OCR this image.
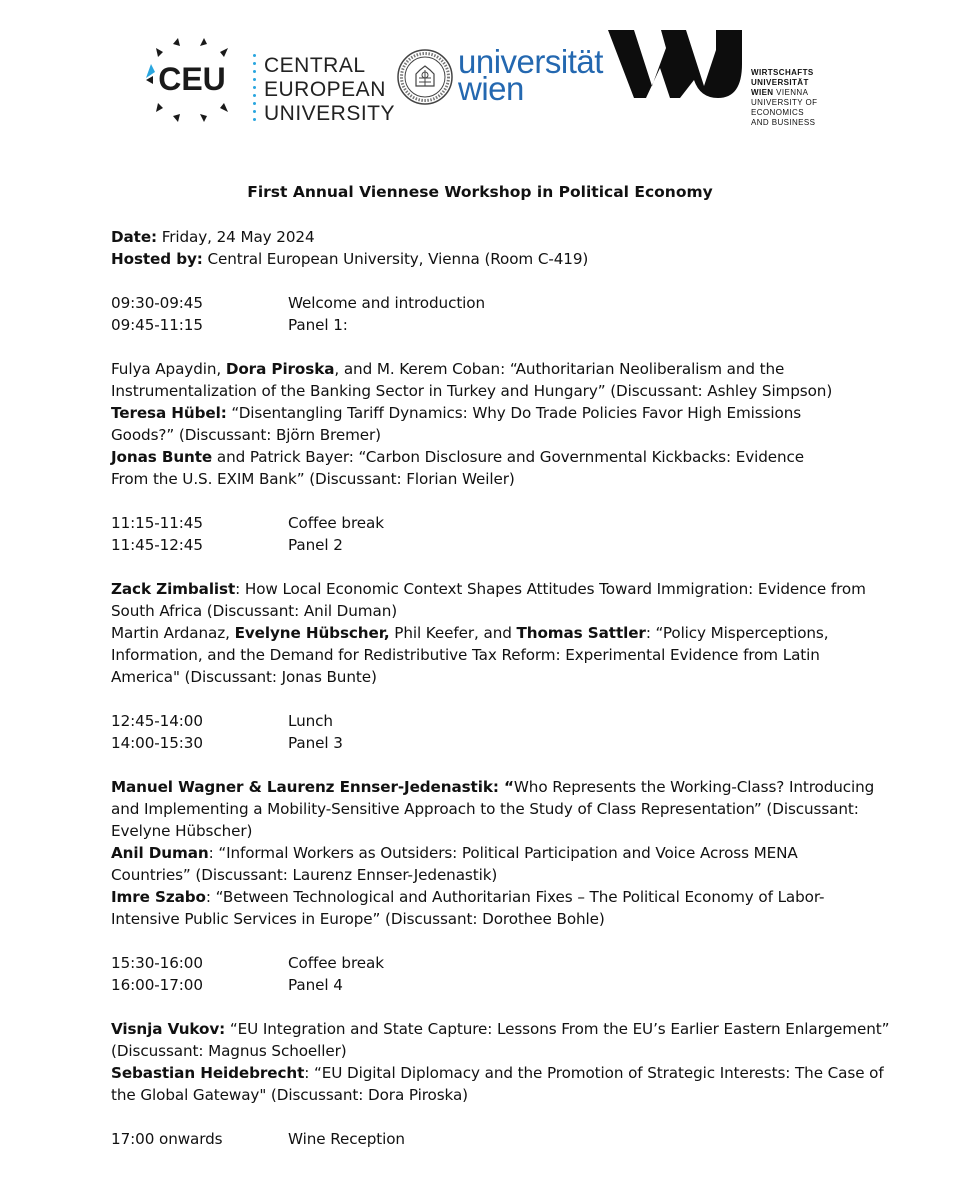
CEU CENTRAL
EUROPEAN
UNIVERSITY
universität
wien	WIRTSCHAFTS
UNIVERSITÄT
WIEN VIENNA
UNIVERSITY OF
ECONOMICS
AND BUSINESS
First Annual Viennese Workshop in Political Economy
Date: Friday, 24 May 2024
Hosted by: Central European University, Vienna (Room C-419)
09:30-09:45	Welcome and introduction
09:45-11:15	Panel 1:
Fulya Apaydin, Dora Piroska, and M. Kerem Coban: “Authoritarian Neoliberalism and the
Instrumentalization of the Banking Sector in Turkey and Hungary” (Discussant: Ashley Simpson)
Teresa Hübel: “Disentangling Tariff Dynamics: Why Do Trade Policies Favor High Emissions
Goods?” (Discussant: Björn Bremer)
Jonas Bunte and Patrick Bayer: “Carbon Disclosure and Governmental Kickbacks: Evidence
From the U.S. EXIM Bank” (Discussant: Florian Weiler)
11:15-11:45	Coffee break
11:45-12:45	Panel 2
Zack Zimbalist: How Local Economic Context Shapes Attitudes Toward Immigration: Evidence from
South Africa (Discussant: Anil Duman)
Martin Ardanaz, Evelyne Hübscher, Phil Keefer, and Thomas Sattler: “Policy Misperceptions,
Information, and the Demand for Redistributive Tax Reform: Experimental Evidence from Latin
America" (Discussant: Jonas Bunte)
12:45-14:00	Lunch
14:00-15:30	Panel 3
Manuel Wagner & Laurenz Ennser-Jedenastik: “Who Represents the Working-Class? Introducing
and Implementing a Mobility-Sensitive Approach to the Study of Class Representation” (Discussant:
Evelyne Hübscher)
Anil Duman: “Informal Workers as Outsiders: Political Participation and Voice Across MENA
Countries” (Discussant: Laurenz Ennser-Jedenastik)
Imre Szabo: “Between Technological and Authoritarian Fixes – The Political Economy of Labor-
Intensive Public Services in Europe” (Discussant: Dorothee Bohle)
15:30-16:00	Coffee break
16:00-17:00	Panel 4
Visnja Vukov: “EU Integration and State Capture: Lessons From the EU’s Earlier Eastern Enlargement”
(Discussant: Magnus Schoeller)
Sebastian Heidebrecht: “EU Digital Diplomacy and the Promotion of Strategic Interests: The Case of
the Global Gateway" (Discussant: Dora Piroska)
17:00 onwards	Wine Reception
